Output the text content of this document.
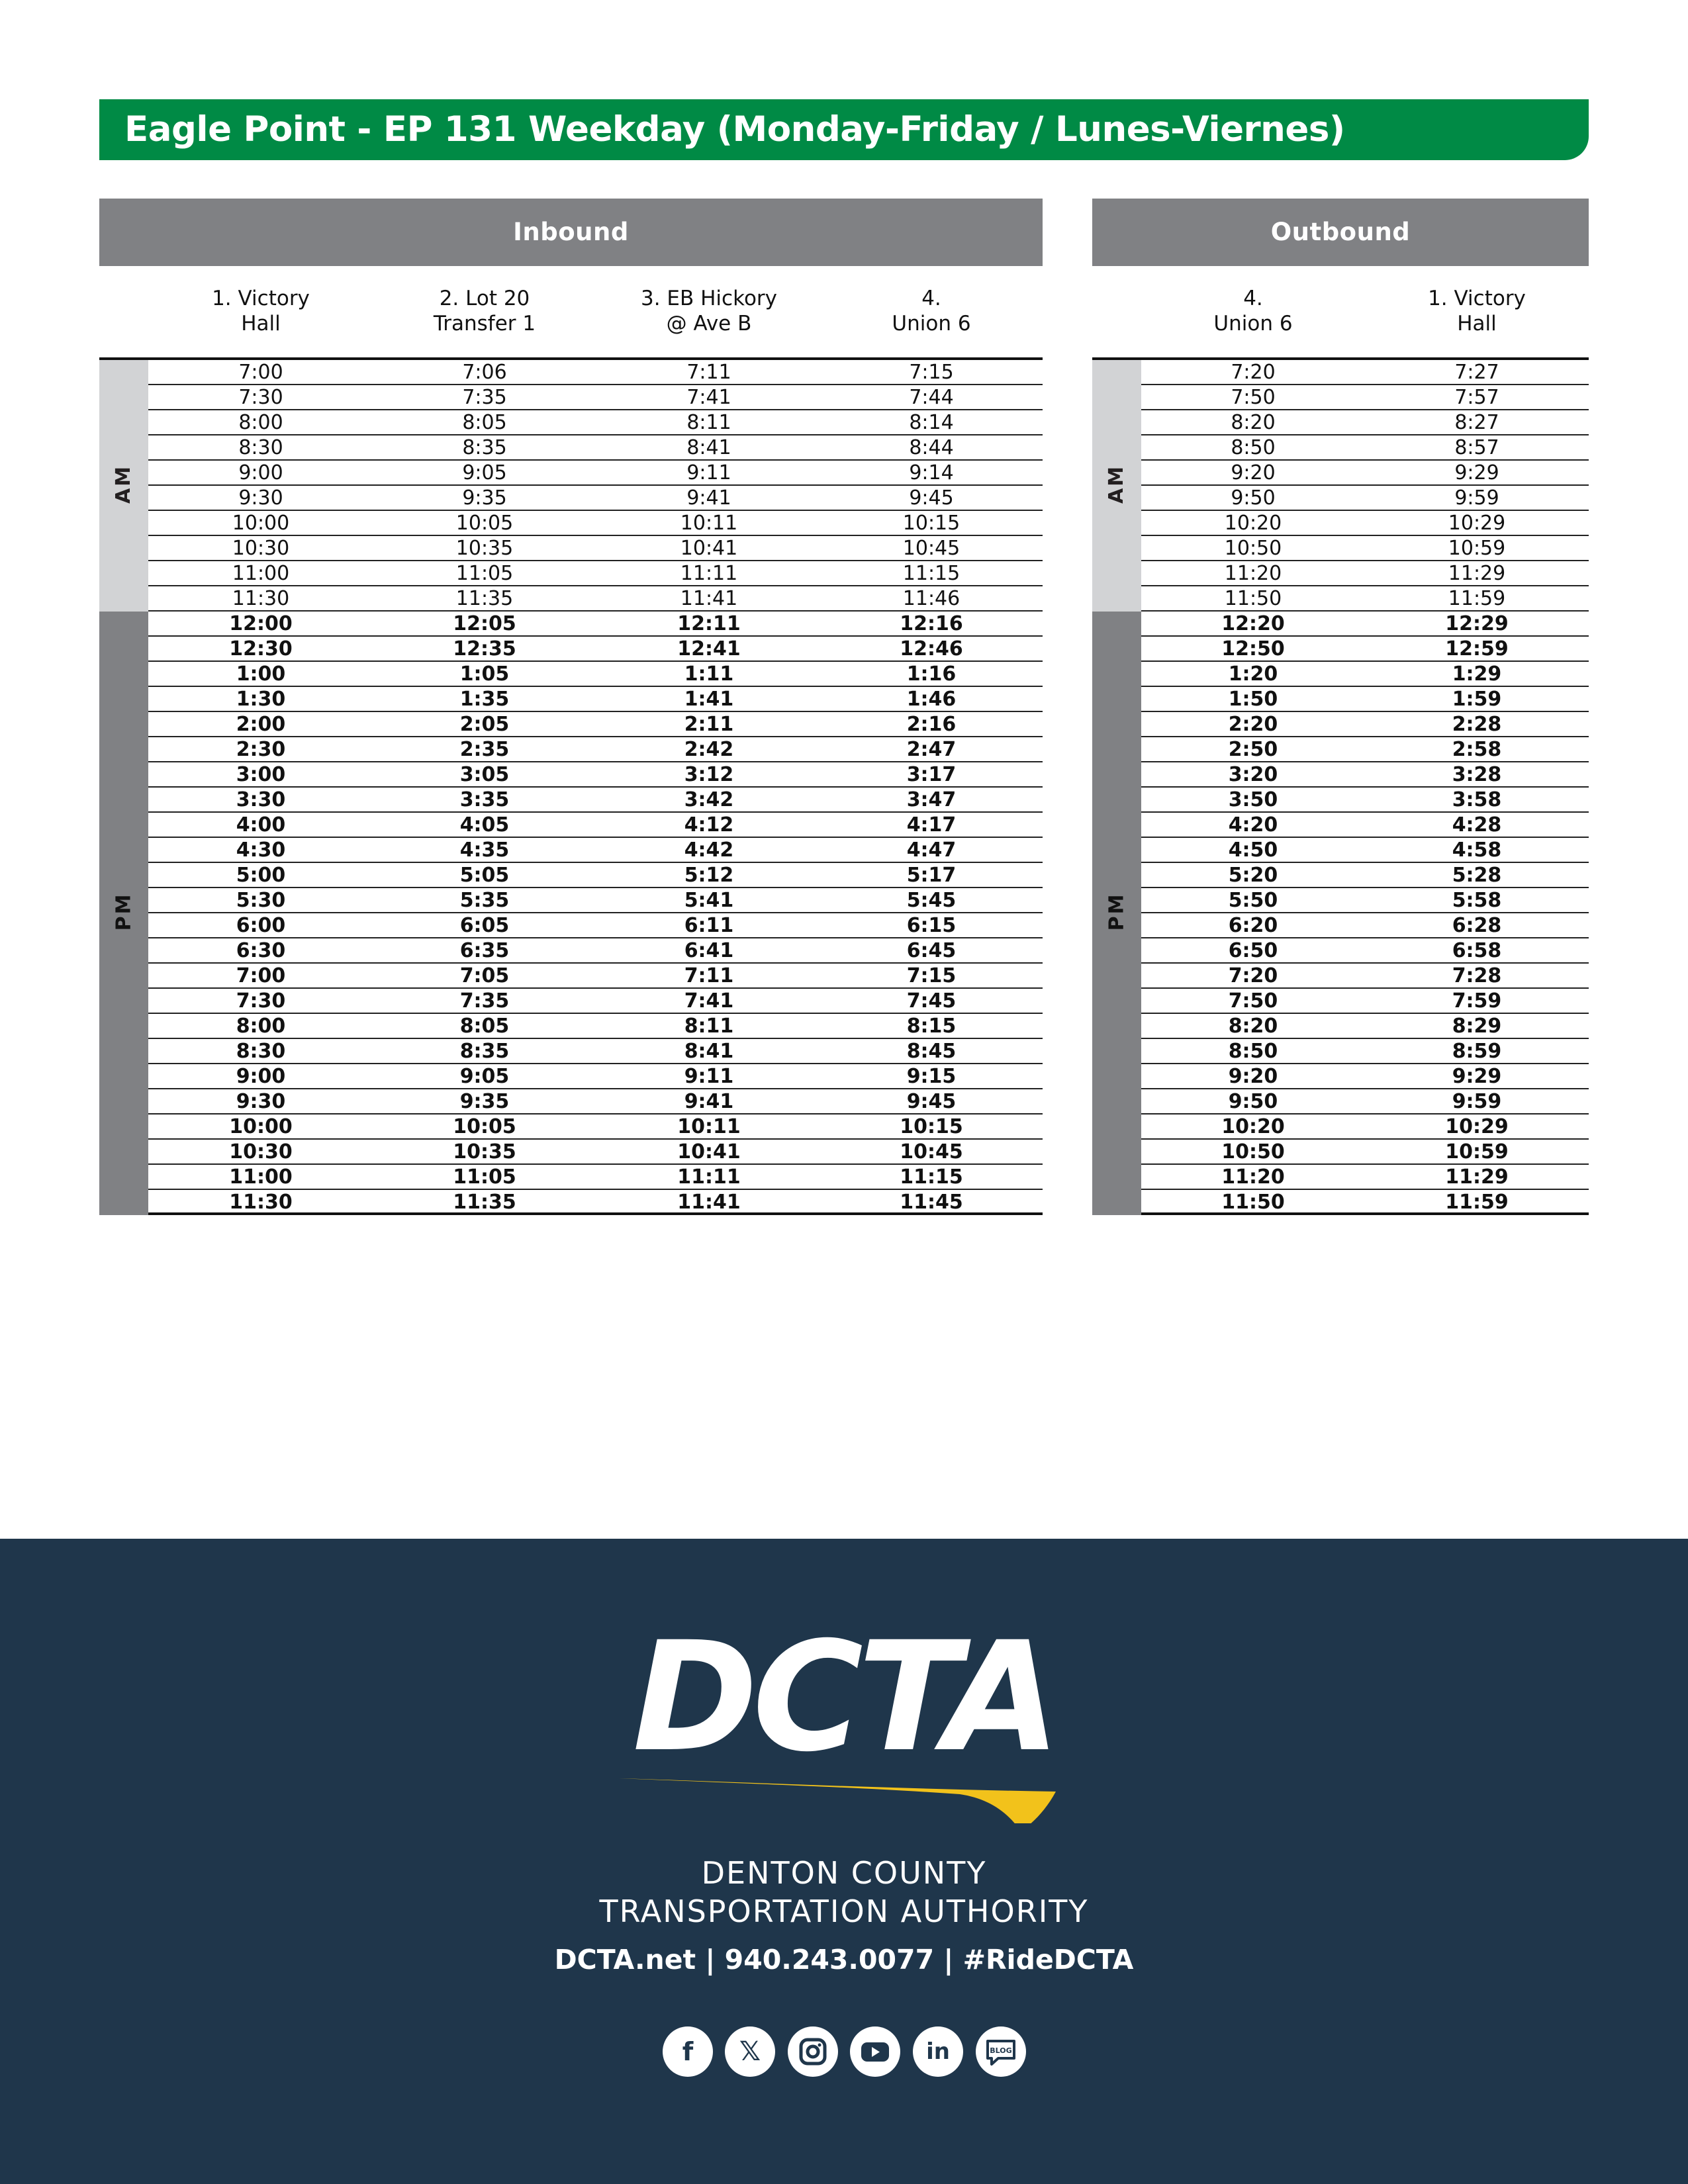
Eagle Point - EP 131 Weekday (Monday-Friday / Lunes-Viernes)
Inbound
1. Victory
Hall
2. Lot 20
Transfer 1
3. EB Hickory
@ Ave B
4.
Union 6
AM
PM
7:00	7:06	7:11	7:15
7:30	7:35	7:41	7:44
8:00	8:05	8:11	8:14
8:30	8:35	8:41	8:44
9:00	9:05	9:11	9:14
9:30	9:35	9:41	9:45
10:00	10:05	10:11	10:15
10:30	10:35	10:41	10:45
11:00	11:05	11:11	11:15
11:30	11:35	11:41	11:46
12:00	12:05	12:11	12:16
12:30	12:35	12:41	12:46
1:00	1:05	1:11	1:16
1:30	1:35	1:41	1:46
2:00	2:05	2:11	2:16
2:30	2:35	2:42	2:47
3:00	3:05	3:12	3:17
3:30	3:35	3:42	3:47
4:00	4:05	4:12	4:17
4:30	4:35	4:42	4:47
5:00	5:05	5:12	5:17
5:30	5:35	5:41	5:45
6:00	6:05	6:11	6:15
6:30	6:35	6:41	6:45
7:00	7:05	7:11	7:15
7:30	7:35	7:41	7:45
8:00	8:05	8:11	8:15
8:30	8:35	8:41	8:45
9:00	9:05	9:11	9:15
9:30	9:35	9:41	9:45
10:00	10:05	10:11	10:15
10:30	10:35	10:41	10:45
11:00	11:05	11:11	11:15
11:30	11:35	11:41	11:45
Outbound
4.
Union 6
1. Victory
Hall
AM
PM
7:20	7:27
7:50	7:57
8:20	8:27
8:50	8:57
9:20	9:29
9:50	9:59
10:20	10:29
10:50	10:59
11:20	11:29
11:50	11:59
12:20	12:29
12:50	12:59
1:20	1:29
1:50	1:59
2:20	2:28
2:50	2:58
3:20	3:28
3:50	3:58
4:20	4:28
4:50	4:58
5:20	5:28
5:50	5:58
6:20	6:28
6:50	6:58
7:20	7:28
7:50	7:59
8:20	8:29
8:50	8:59
9:20	9:29
9:50	9:59
10:20	10:29
10:50	10:59
11:20	11:29
11:50	11:59
DCTA
DENTON COUNTY
TRANSPORTATION AUTHORITY
DCTA.net | 940.243.0077 | #RideDCTA
f	𝕏	in	BLOG
